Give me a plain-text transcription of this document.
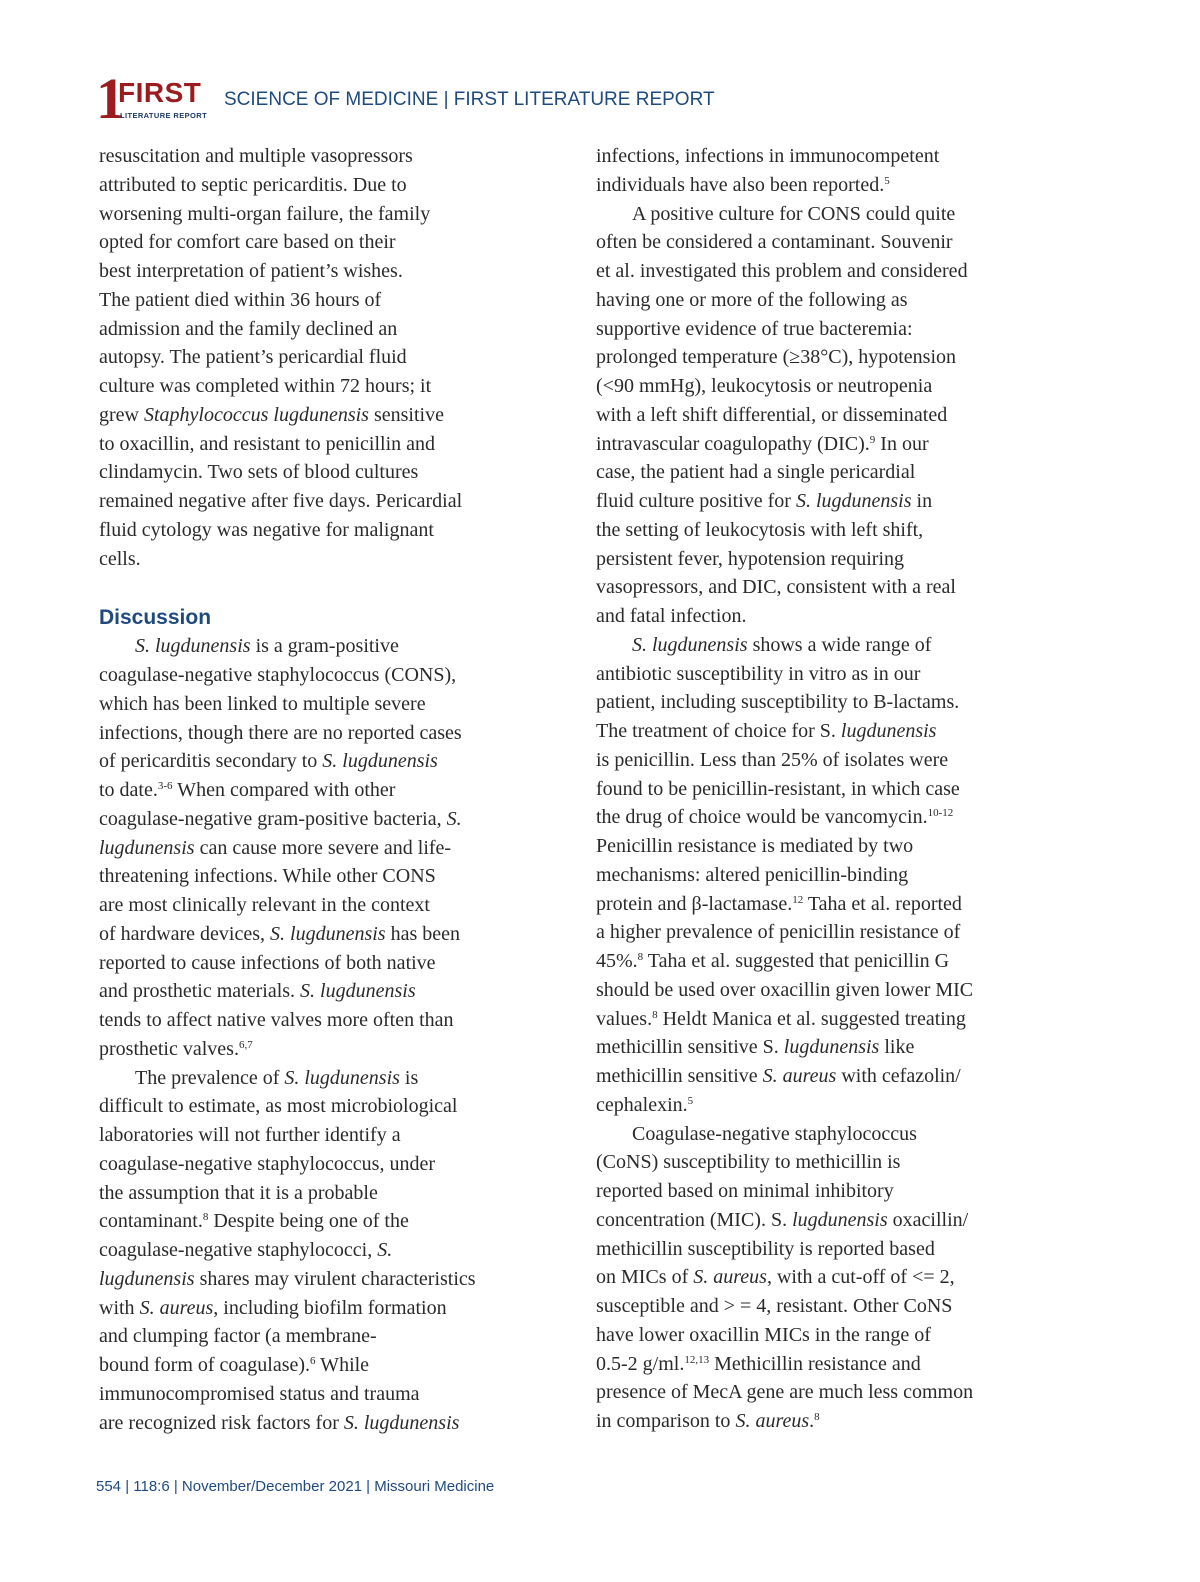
1
FIRST
LITERATURE REPORT
SCIENCE OF MEDICINE | FIRST LITERATURE REPORT

resuscitation and multiple vasopressors
attributed to septic pericarditis. Due to
worsening multi-organ failure, the family
opted for comfort care based on their
best interpretation of patient’s wishes.
The patient died within 36 hours of
admission and the family declined an
autopsy. The patient’s pericardial fluid
culture was completed within 72 hours; it
grew Staphylococcus lugdunensis sensitive
to oxacillin, and resistant to penicillin and
clindamycin. Two sets of blood cultures
remained negative after five days. Pericardial
fluid cytology was negative for malignant
cells.

Discussion

S. lugdunensis is a gram-positive
coagulase-negative staphylococcus (CONS),
which has been linked to multiple severe
infections, though there are no reported cases
of pericarditis secondary to S. lugdunensis
to date.$^{3-6}$ When compared with other
coagulase-negative gram-positive bacteria, S.
lugdunensis can cause more severe and life-
threatening infections. While other CONS
are most clinically relevant in the context
of hardware devices, S. lugdunensis has been
reported to cause infections of both native
and prosthetic materials. S. lugdunensis
tends to affect native valves more often than
prosthetic valves.$^{6,7}$

The prevalence of S. lugdunensis is
difficult to estimate, as most microbiological
laboratories will not further identify a
coagulase-negative staphylococcus, under
the assumption that it is a probable
contaminant.$^8$ Despite being one of the
coagulase-negative staphylococci, S.
lugdunensis shares may virulent characteristics
with S. aureus, including biofilm formation
and clumping factor (a membrane-
bound form of coagulase).$^6$ While
immunocompromised status and trauma
are recognized risk factors for S. lugdunensis

infections, infections in immunocompetent
individuals have also been reported.$^5$

A positive culture for CONS could quite
often be considered a contaminant. Souvenir
et al. investigated this problem and considered
having one or more of the following as
supportive evidence of true bacteremia:
prolonged temperature (≥38°C), hypotension
(<90 mmHg), leukocytosis or neutropenia
with a left shift differential, or disseminated
intravascular coagulopathy (DIC).$^9$ In our
case, the patient had a single pericardial
fluid culture positive for S. lugdunensis in
the setting of leukocytosis with left shift,
persistent fever, hypotension requiring
vasopressors, and DIC, consistent with a real
and fatal infection.

S. lugdunensis shows a wide range of
antibiotic susceptibility in vitro as in our
patient, including susceptibility to B-lactams.
The treatment of choice for S. lugdunensis
is penicillin. Less than 25% of isolates were
found to be penicillin-resistant, in which case
the drug of choice would be vancomycin.$^{10-12}$
Penicillin resistance is mediated by two
mechanisms: altered penicillin-binding
protein and β-lactamase.$^{12}$ Taha et al. reported
a higher prevalence of penicillin resistance of
45%.$^8$ Taha et al. suggested that penicillin G
should be used over oxacillin given lower MIC
values.$^8$ Heldt Manica et al. suggested treating
methicillin sensitive S. lugdunensis like
methicillin sensitive S. aureus with cefazolin/
cephalexin.$^5$

Coagulase-negative staphylococcus
(CoNS) susceptibility to methicillin is
reported based on minimal inhibitory
concentration (MIC). S. lugdunensis oxacillin/
methicillin susceptibility is reported based
on MICs of S. aureus, with a cut-off of <= 2,
susceptible and > = 4, resistant. Other CoNS
have lower oxacillin MICs in the range of
0.5-2 g/ml.$^{12,13}$ Methicillin resistance and
presence of MecA gene are much less common
in comparison to S. aureus.$^8$

554 | 118:6 | November/December 2021 | Missouri Medicine
